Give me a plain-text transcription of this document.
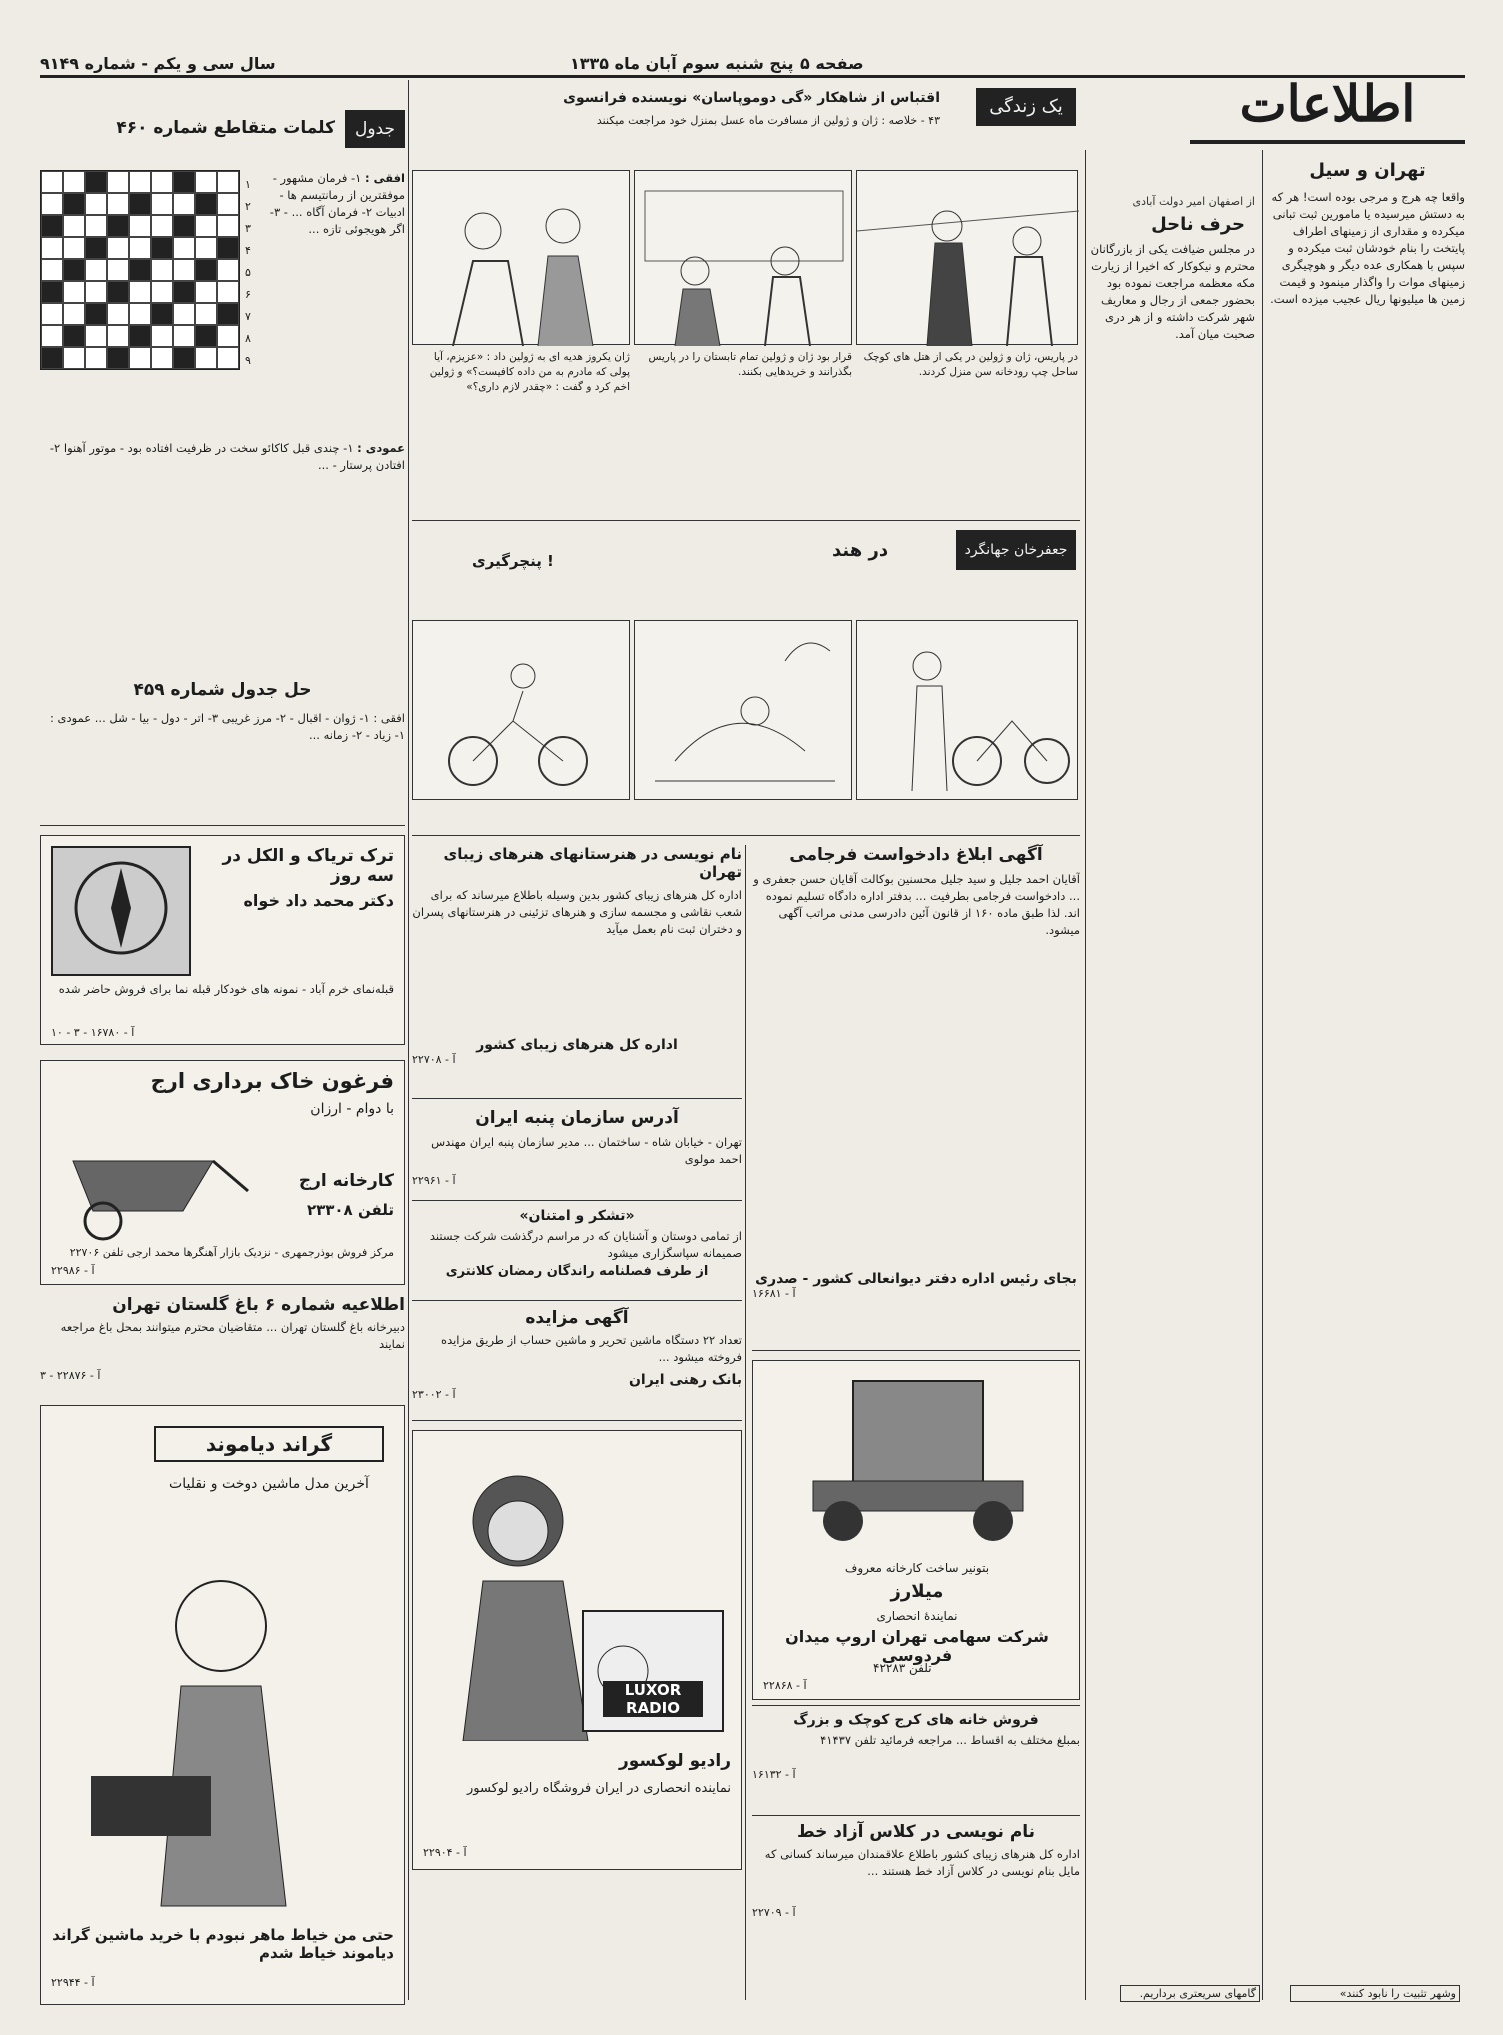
سال سی و یکم - شماره ۹۱۴۹	پنج شنبه سوم آبان ماه ۱۳۳۵ صفحه ۵
اطلاعات
تهران و سیل
واقعا چه هرج و مرجی بوده است! هر که به دستش میرسیده یا مامورین ثبت تبانی میکرده و مقداری از زمینهای اطراف پایتخت را بنام خودشان ثبت میکرده و سپس با همکاری عده دیگر و هوچیگری زمینهای موات را واگذار مینمود و قیمت زمین ها میلیونها ریال عجیب میزده است.
از اصفهان امیر دولت آبادی
حرف ناحل
در مجلس ضیافت یکی از بازرگانان محترم و نیکوکار که اخیرا از زیارت مکه معظمه مراجعت نموده بود بحضور جمعی از رجال و معاریف شهر شرکت داشته و از هر دری صحبت میان آمد.
یک زندگی
اقتباس از شاهکار «گی دوموپاسان» نویسنده فرانسوی
۴۳ - خلاصه : ژان و ژولین از مسافرت ماه عسل بمنزل خود مراجعت میکنند
در پاریس، ژان و ژولین در یکی از هتل های کوچک ساحل چپ رودخانه سن منزل کردند.
قرار بود ژان و ژولین تمام تابستان را در پاریس بگذرانند و خریدهایی بکنند.
ژان یکروز هدیه ای به ژولین داد : «عزیزم، آیا پولی که مادرم به من داده کافیست؟» و ژولین اخم کرد و گفت : «چقدر لازم داری؟»
جعفرخان جهانگرد
در هند
پنچرگیری !
جدول
کلمات متقاطع شماره ۴۶۰
۱
۲
۳
۴
۵
۶
۷
۸
۹
افقی : ۱- فرمان مشهور - موفقترین از رمانتیسم ها - ادبیات ۲- فرمان آگاه ... - ۳- اگر هویجوئی تازه ...
عمودی : ۱- چندی قبل کاکائو سخت در ظرفیت افتاده بود - موتور آهنوا ۲- افتادن پرستار - ...
حل جدول شماره ۴۵۹
افقی : ۱- ژوان - اقبال - ۲- مرز غریبی ۳- اتر - دول - بیا - شل ... عمودی : ۱- زیاد - ۲- زمانه ...
ترک تریاک و الکل در سه روز
دکتر محمد داد خواه
قبله‌نمای خرم آباد - نمونه های خودکار قبله نما برای فروش حاضر شده
آ - ۱۶۷۸۰ - ۳ - ۱۰
فرغون خاک برداری ارج
با دوام - ارزان
کارخانه ارج
تلفن ۲۳۳۰۸
مرکز فروش بوذرجمهری - نزدیک بازار آهنگرها محمد ارجی تلفن ۲۲۷۰۶
آ - ۲۲۹۸۶
اطلاعیه شماره ۶ باغ گلستان تهران
دبیرخانه باغ گلستان تهران ... متقاضیان محترم میتوانند بمحل باغ مراجعه نمایند
آ - ۲۲۸۷۶ - ۳
گراند دیاموند
آخرین مدل ماشین دوخت و نقلیات
حتی من خیاط ماهر نبودم با خرید ماشین گراند دیاموند خیاط شدم
آ - ۲۲۹۴۴
نام نویسی در هنرستانهای هنرهای زیبای تهران
اداره کل هنرهای زیبای کشور بدین وسیله باطلاع میرساند که برای شعب نقاشی و مجسمه سازی و هنرهای تزئینی در هنرستانهای پسران و دختران ثبت نام بعمل میآید
اداره کل هنرهای زیبای کشور
آ - ۲۲۷۰۸
آدرس سازمان پنبه ایران
تهران - خیابان شاه - ساختمان ... مدیر سازمان پنبه ایران مهندس احمد مولوی
آ - ۲۲۹۶۱
«تشکر و امتنان»
از تمامی دوستان و آشنایان که در مراسم درگذشت شرکت جستند صمیمانه سپاسگزاری میشود
از طرف فصلنامه راندگان رمضان کلانتری
آگهی مزایده
تعداد ۲۲ دستگاه ماشین تحریر و ماشین حساب از طریق مزایده فروخته میشود ...
بانک رهنی ایران
آ - ۲۳۰۰۲
LUXOR
RADIO
رادیو لوکسور
نماینده انحصاری در ایران فروشگاه رادیو لوکسور
آ - ۲۲۹۰۴
آگهی ابلاغ دادخواست فرجامی
آقایان احمد جلیل و سید جلیل محسنین بوکالت آقایان حسن جعفری و ... دادخواست فرجامی بطرفیت ... بدفتر اداره دادگاه تسلیم نموده اند. لذا طبق ماده ۱۶۰ از قانون آئین دادرسی مدنی مراتب آگهی میشود.
بجای رئیس اداره دفتر دیوانعالی کشور - صدری
آ - ۱۶۶۸۱
بتونیر ساخت کارخانه معروف
میلارز
نمایندۀ انحصاری
شرکت سهامی تهران اروپ میدان فردوسی
تلفن ۴۲۲۸۳
آ - ۲۲۸۶۸
فروش خانه های کرج کوچک و بزرگ
بمبلغ مختلف به اقساط ... مراجعه فرمائید تلفن ۴۱۴۳۷
آ - ۱۶۱۳۲
نام نویسی در کلاس آزاد خط
اداره کل هنرهای زیبای کشور باطلاع علاقمندان میرساند کسانی که مایل بنام نویسی در کلاس آزاد خط هستند ...
آ - ۲۲۷۰۹
گامهای سریعتری برداریم.	وشهر تثبیت را نابود کنند»
